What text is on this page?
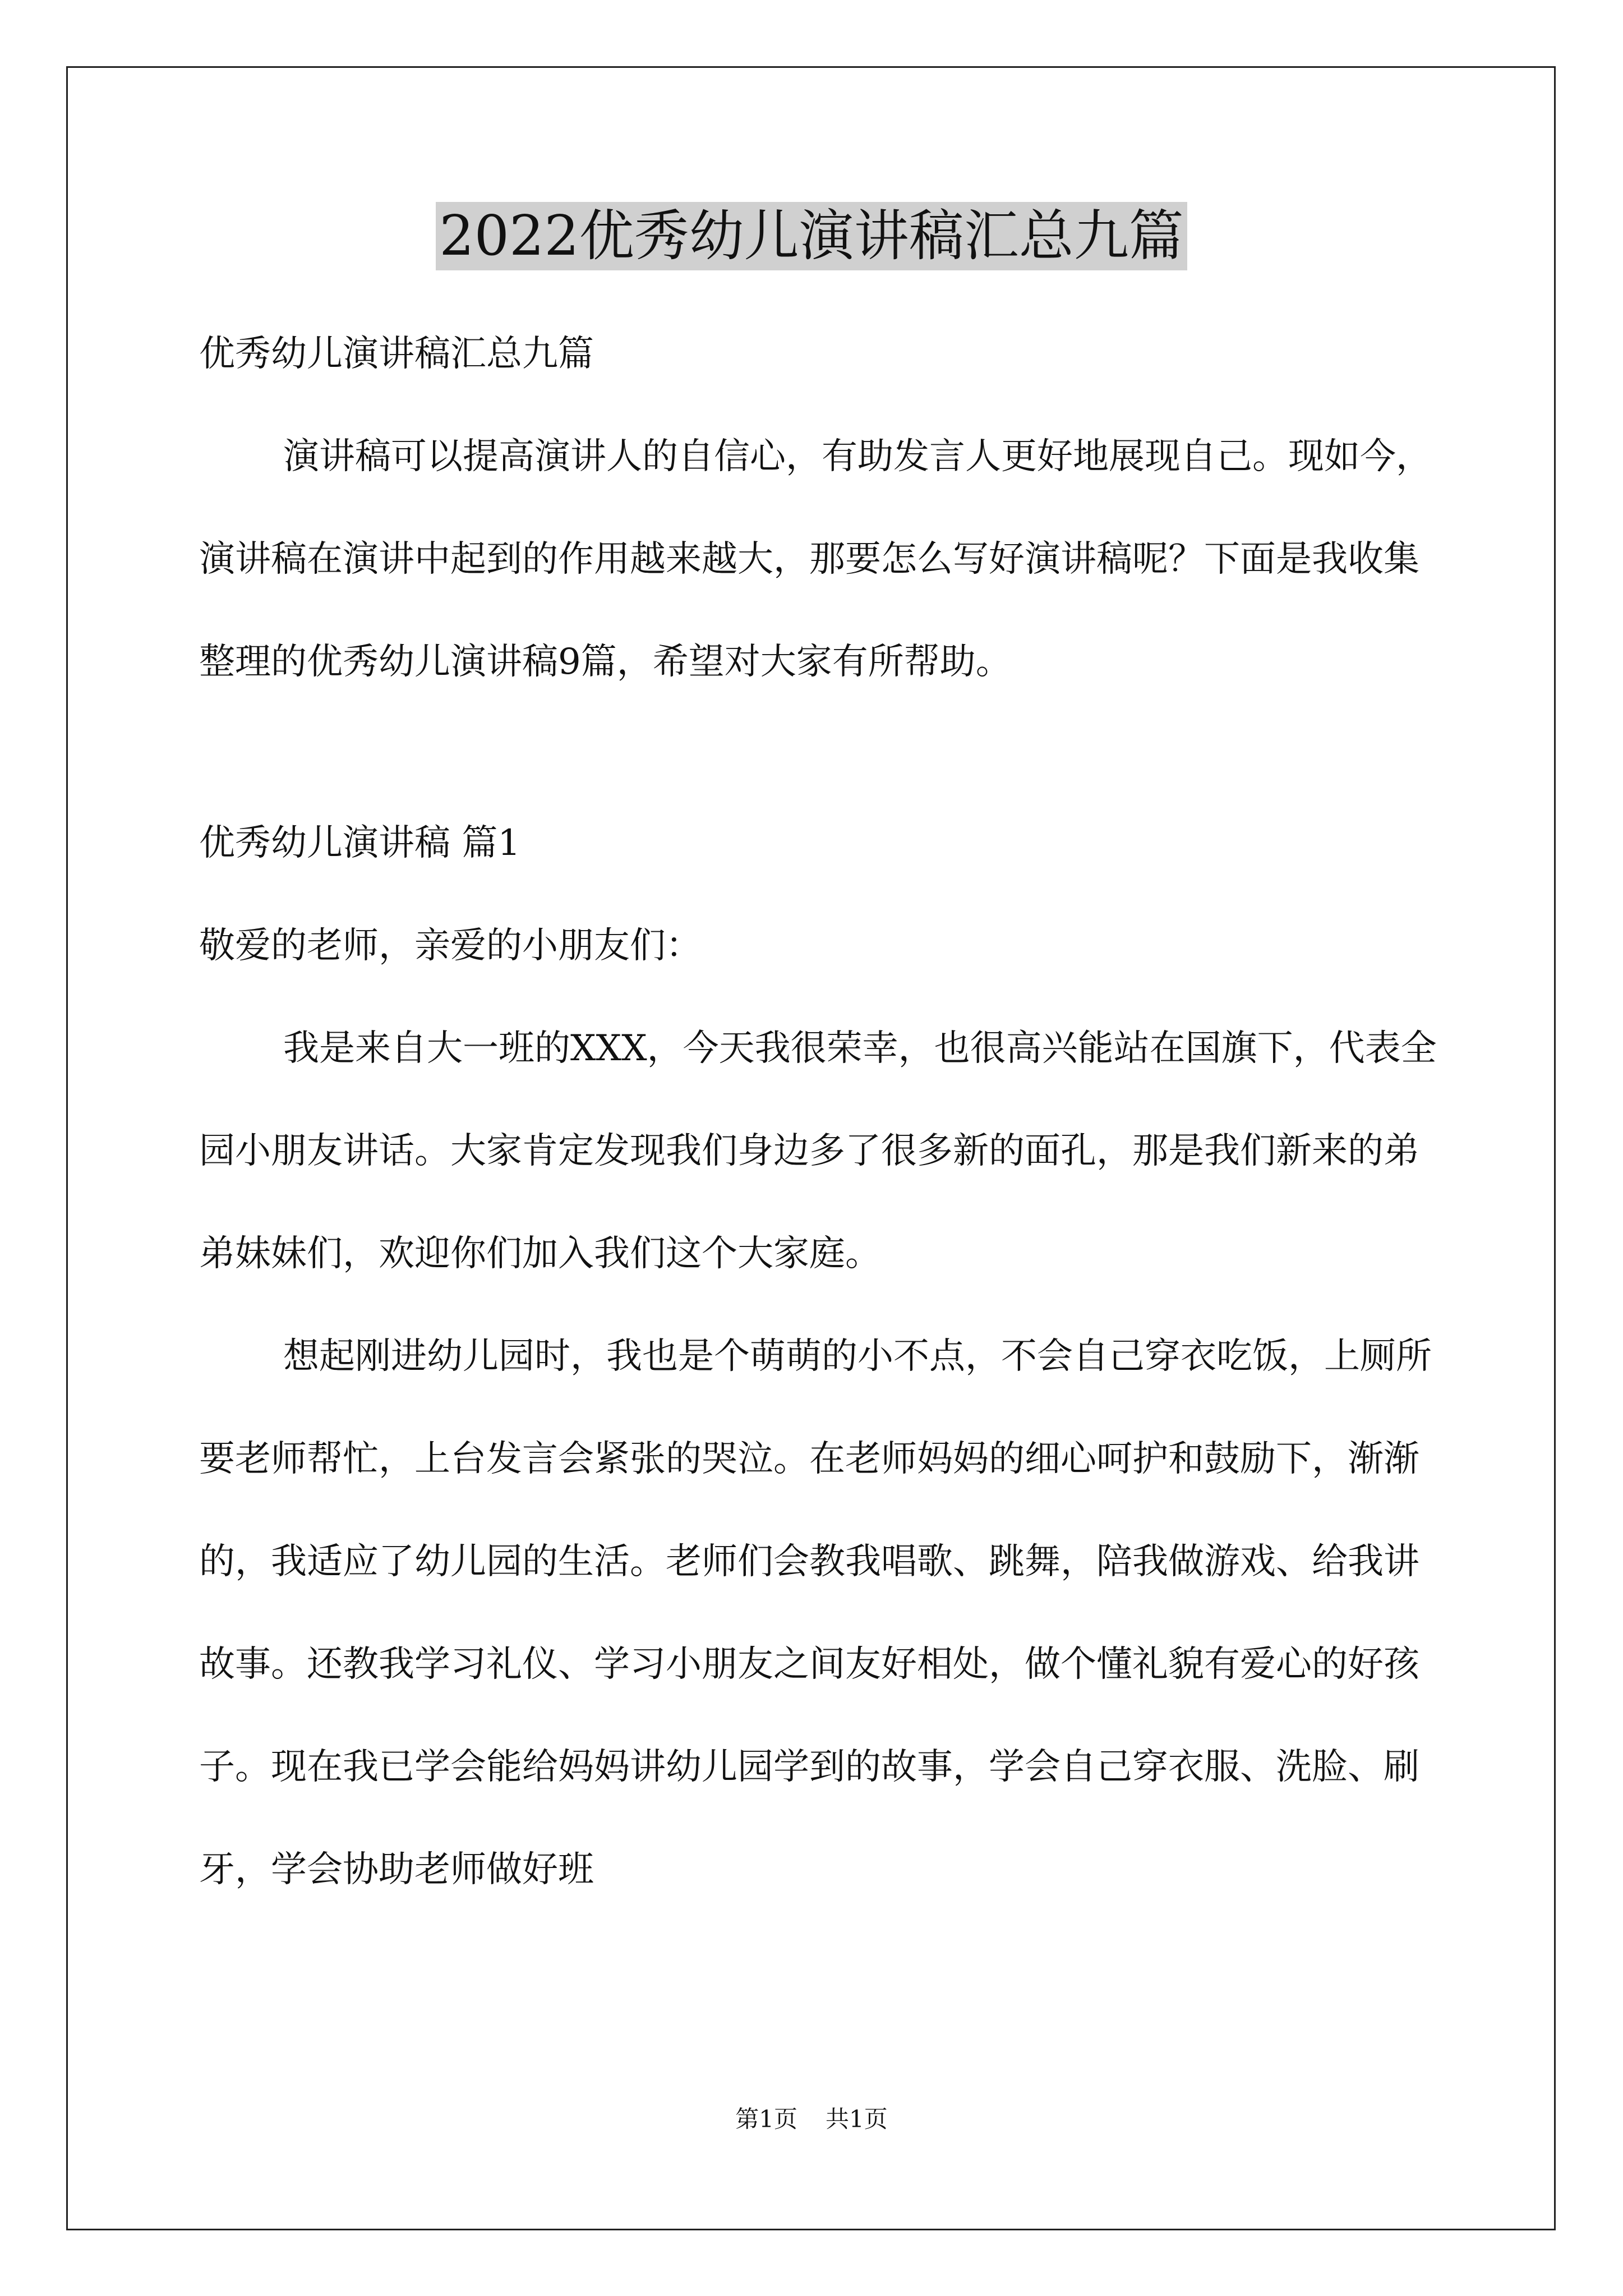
2022优秀幼儿演讲稿汇总九篇

优秀幼儿演讲稿汇总九篇

演讲稿可以提高演讲人的自信心，有助发言人更好地展现自己。现如今，演讲稿在演讲中起到的作用越来越大，那要怎么写好演讲稿呢？下面是我收集整理的优秀幼儿演讲稿9篇，希望对大家有所帮助。

优秀幼儿演讲稿 篇1

敬爱的老师，亲爱的小朋友们：

我是来自大一班的XXX，今天我很荣幸，也很高兴能站在国旗下，代表全园小朋友讲话。大家肯定发现我们身边多了很多新的面孔，那是我们新来的弟弟妹妹们，欢迎你们加入我们这个大家庭。

想起刚进幼儿园时，我也是个萌萌的小不点，不会自己穿衣吃饭，上厕所要老师帮忙，上台发言会紧张的哭泣。在老师妈妈的细心呵护和鼓励下，渐渐的，我适应了幼儿园的生活。老师们会教我唱歌、跳舞，陪我做游戏、给我讲故事。还教我学习礼仪、学习小朋友之间友好相处，做个懂礼貌有爱心的好孩子。现在我已学会能给妈妈讲幼儿园学到的故事，学会自己穿衣服、洗脸、刷牙，学会协助老师做好班

第1页 共1页
